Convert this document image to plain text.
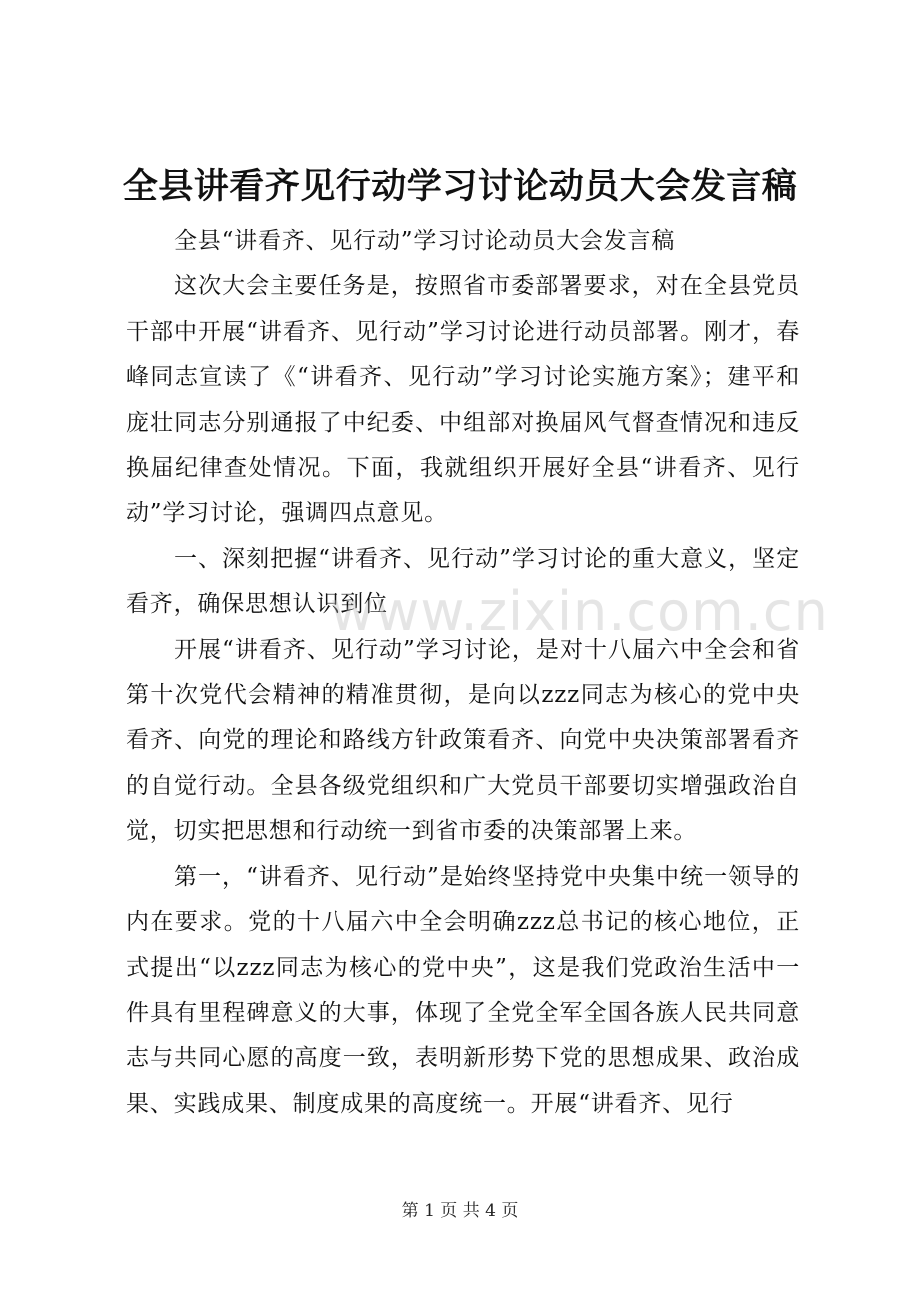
全县讲看齐见行动学习讨论动员大会发言稿

全县“讲看齐、见行动”学习讨论动员大会发言稿

这次大会主要任务是，按照省市委部署要求，对在全县党员干部中开展“讲看齐、见行动”学习讨论进行动员部署。刚才，春峰同志宣读了《“讲看齐、见行动”学习讨论实施方案》；建平和庞壮同志分别通报了中纪委、中组部对换届风气督查情况和违反换届纪律查处情况。下面，我就组织开展好全县“讲看齐、见行动”学习讨论，强调四点意见。

一、深刻把握“讲看齐、见行动”学习讨论的重大意义，坚定看齐，确保思想认识到位

开展“讲看齐、见行动”学习讨论，是对十八届六中全会和省第十次党代会精神的精准贯彻，是向以zzz同志为核心的党中央看齐、向党的理论和路线方针政策看齐、向党中央决策部署看齐的自觉行动。全县各级党组织和广大党员干部要切实增强政治自觉，切实把思想和行动统一到省市委的决策部署上来。

第一，“讲看齐、见行动”是始终坚持党中央集中统一领导的内在要求。党的十八届六中全会明确zzz总书记的核心地位，正式提出“以zzz同志为核心的党中央”，这是我们党政治生活中一件具有里程碑意义的大事，体现了全党全军全国各族人民共同意志与共同心愿的高度一致，表明新形势下党的思想成果、政治成果、实践成果、制度成果的高度统一。开展“讲看齐、见行

www.zixin.com.cn
第 1 页 共 4 页
